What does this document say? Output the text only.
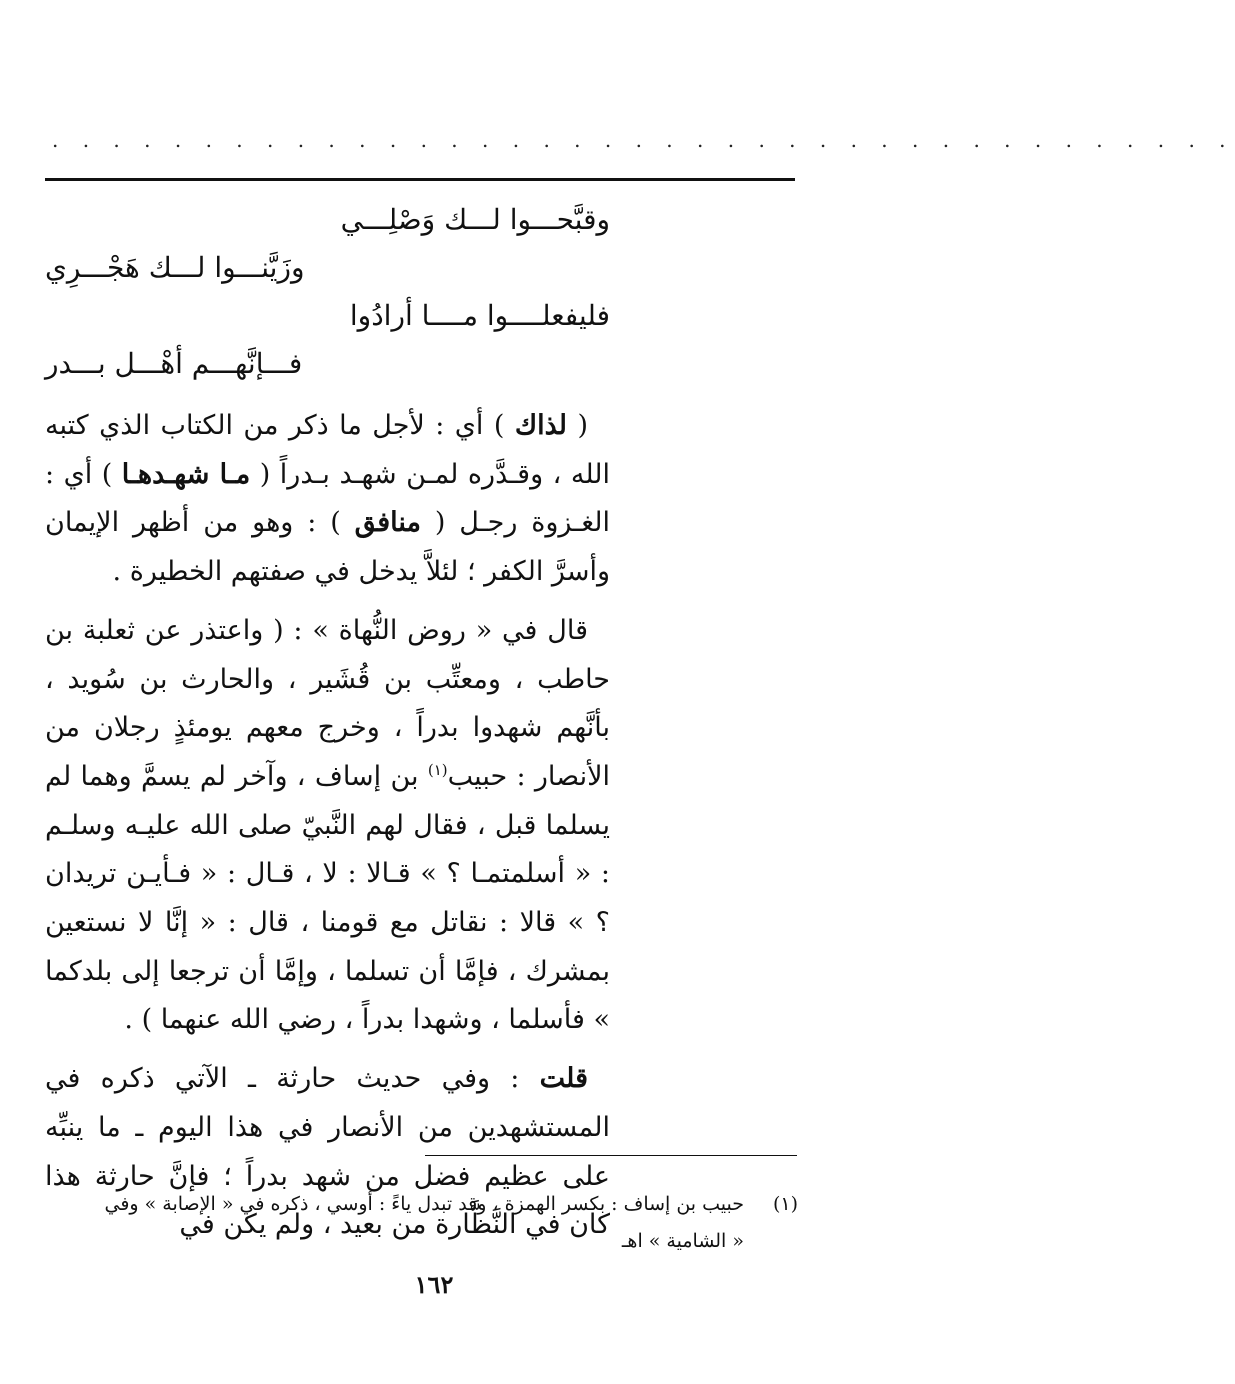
. . . . . . . . . . . . . . . . . . . . . . . . . . . . . . . . . . . . . . .

وقبَّحـــوا لـــك وَصْلِـــي

وزَيَّنـــوا لـــك هَجْـــرِي

فليفعلــــوا مــــا أرادُوا

فـــإنَّهـــم أهْـــل بـــدر

( لذاك ) أي : لأجل ما ذكر من الكتاب الذي كتبه الله ، وقـدَّره لمـن شهـد بـدراً ( مـا شهـدهـا ) أي : الغـزوة رجـل ( منافق ) : وهو من أظهر الإيمان وأسرَّ الكفر ؛ لئلاَّ يدخل في صفتهم الخطيرة .

قال في « روض النُّهاة » : ( واعتذر عن ثعلبة بن حاطب ، ومعتِّب بن قُشَير ، والحارث بن سُويد ، بأنَّهم شهدوا بدراً ، وخرج معهم يومئذٍ رجلان من الأنصار : حبيب$^{(١)}$ بن إساف ، وآخر لم يسمَّ وهما لم يسلما قبل ، فقال لهم النَّبيّ صلى الله عليـه وسلـم : « أسلمتمـا ؟ » قـالا : لا ، قـال : « فـأيـن تريدان ؟ » قالا : نقاتل مع قومنا ، قال : « إنَّا لا نستعين بمشرك ، فإمَّا أن تسلما ، وإمَّا أن ترجعا إلى بلدكما » فأسلما ، وشهدا بدراً ، رضي الله عنهما ) .

قلت : وفي حديث حارثة ـ الآتي ذكره في المستشهدين من الأنصار في هذا اليوم ـ ما ينبِّه على عظيم فضل من شهد بدراً ؛ فإنَّ حارثة هذا كان في النَّظَّارة من بعيد ، ولم يكن في

(١)حبيب بن إساف : بكسر الهمزة ، وقد تبدل ياءً : أوسي ، ذكره في « الإصابة » وفي
« الشامية » اهـ
١٦٢
